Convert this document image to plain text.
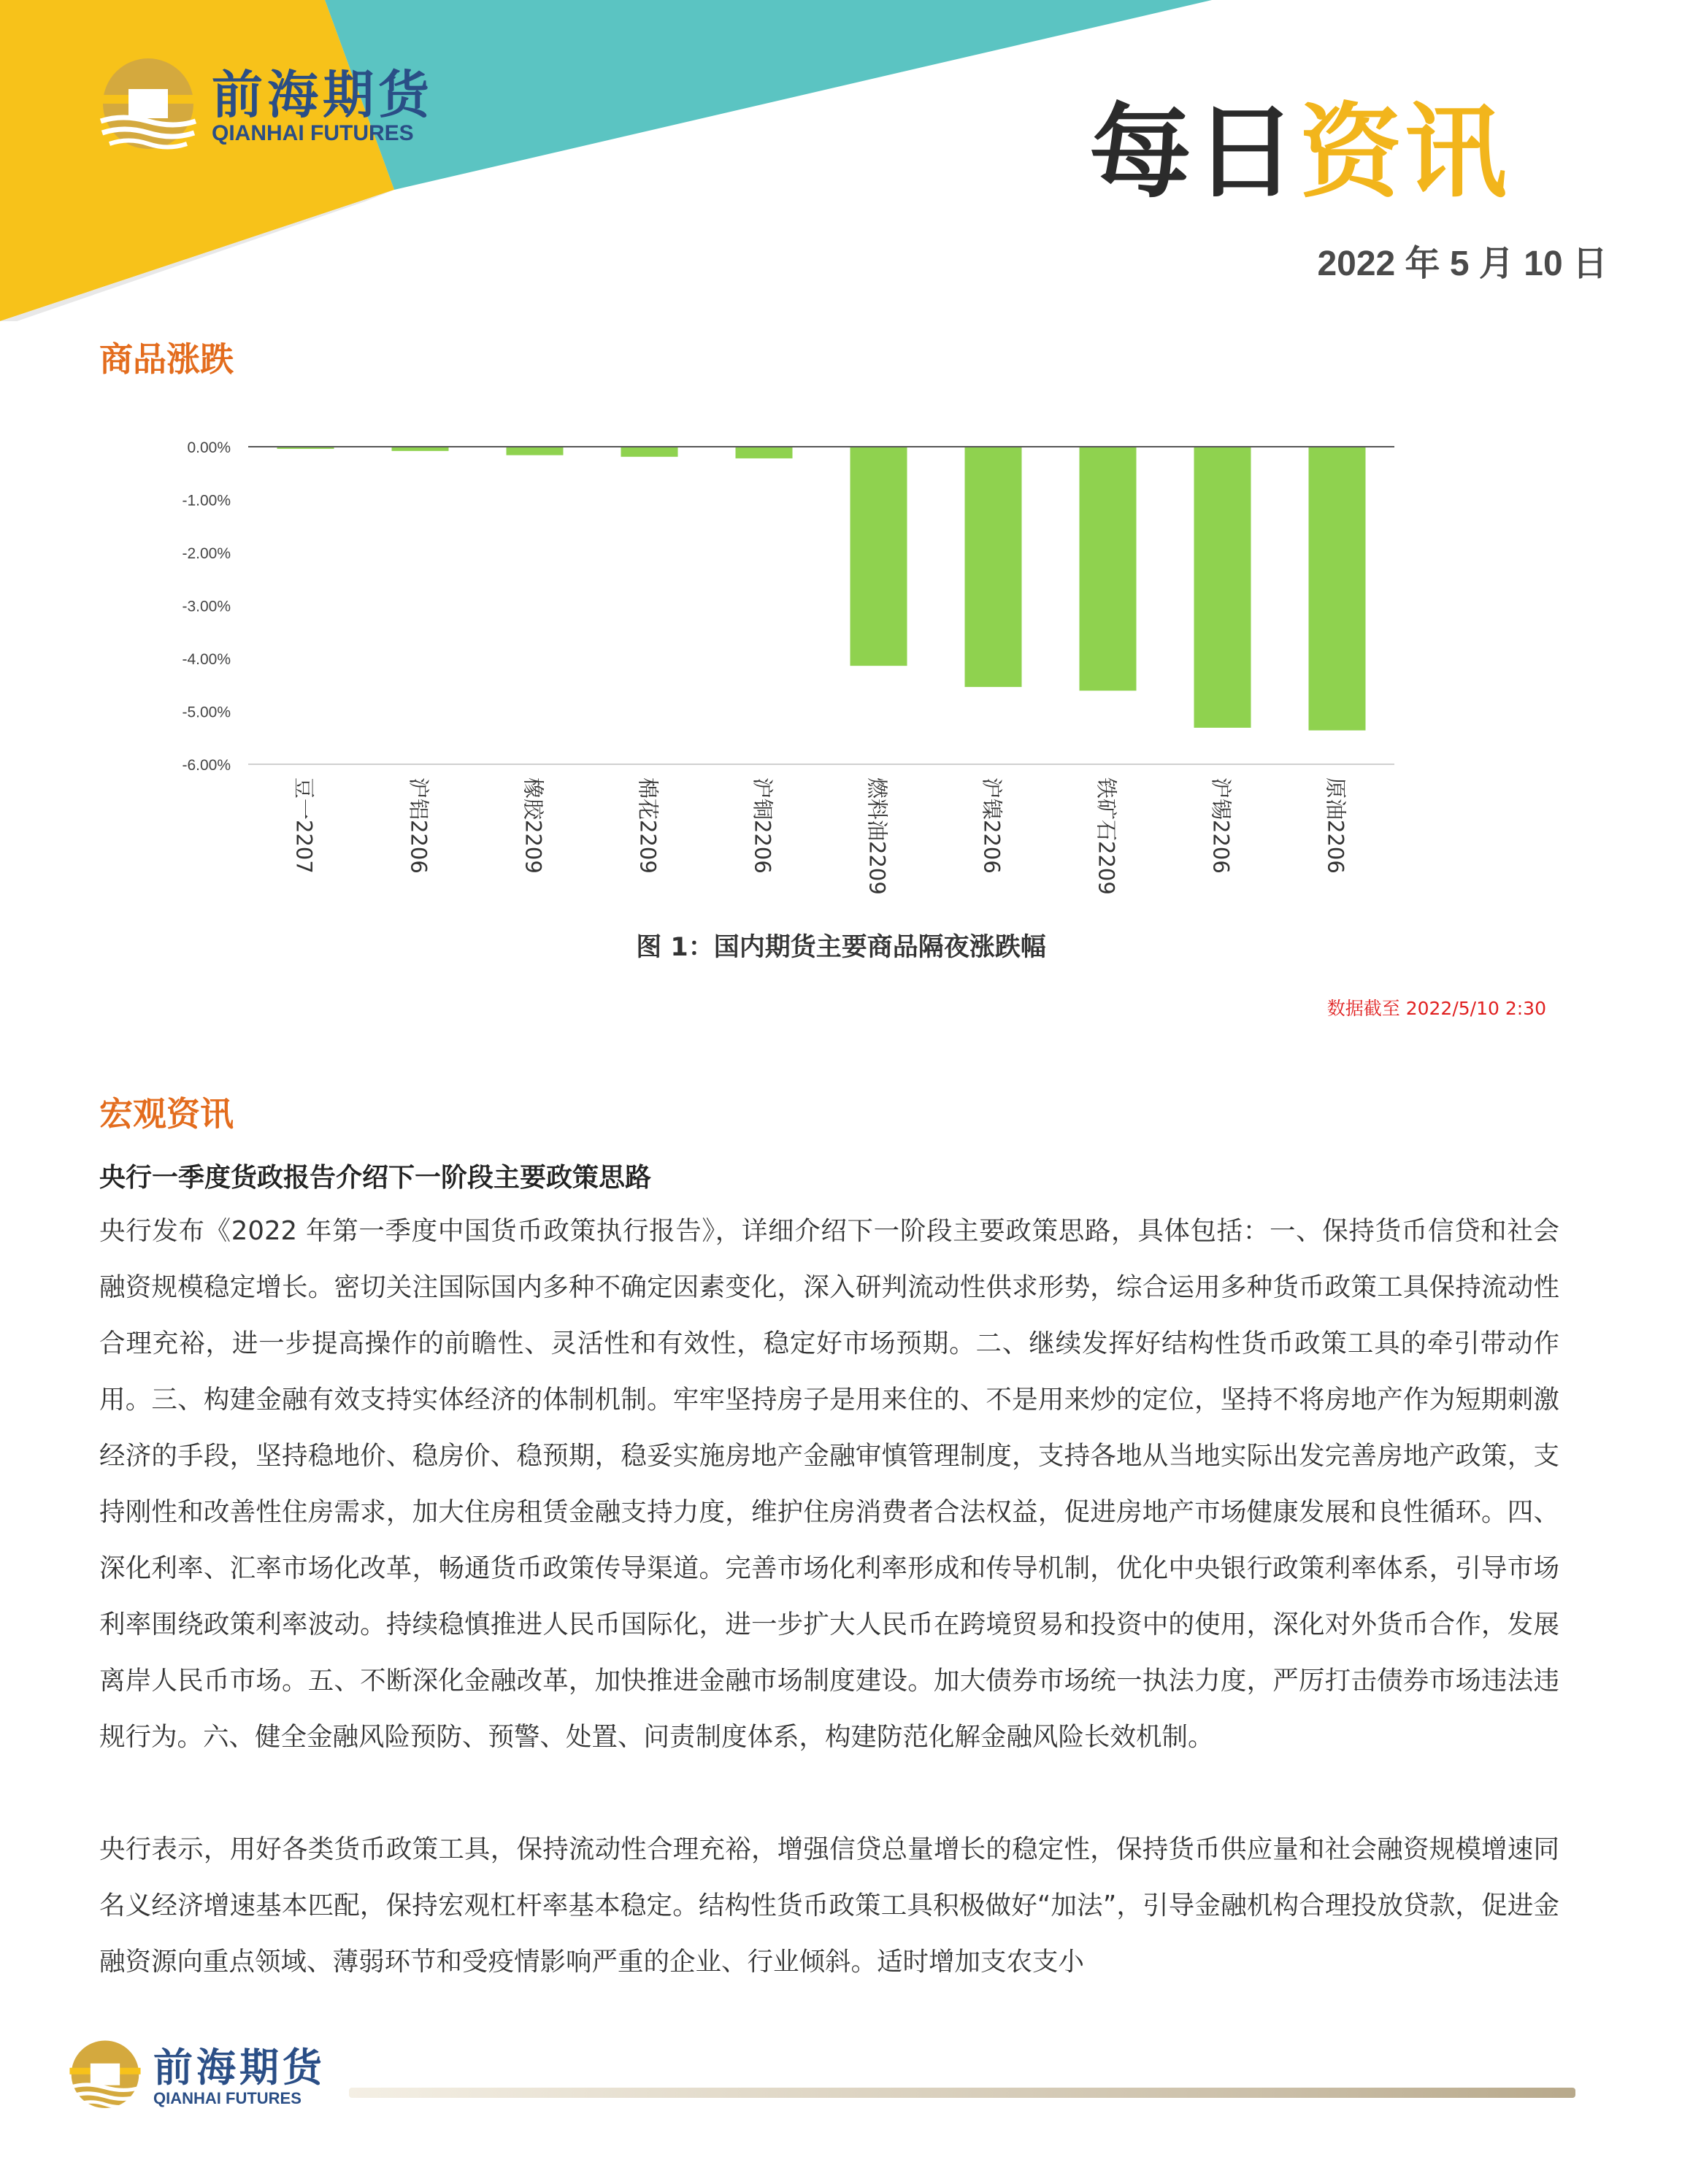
前海期货
QIANHAI FUTURES	每日资讯
2022 年 5 月 10 日
商品涨跌
0.00%
-1.00%
-2.00%
-3.00%
-4.00%
-5.00%
-6.00%
豆一2207	沪铝2206	橡胶2209	棉花2209	沪铜2206	燃料油2209	沪镍2206	铁矿石2209	沪锡2206	原油2206
图 1：国内期货主要商品隔夜涨跌幅
数据截至 2022/5/10 2:30
宏观资讯
央行一季度货政报告介绍下一阶段主要政策思路
央行发布《2022 年第一季度中国货币政策执行报告》，详细介绍下一阶段主要政策思路，具体包括：一、保持货币信贷和社会融资规模稳定增长。密切关注国际国内多种不确定因素变化，深入研判流动性供求形势，综合运用多种货币政策工具保持流动性合理充裕，进一步提高操作的前瞻性、灵活性和有效性，稳定好市场预期。二、继续发挥好结构性货币政策工具的牵引带动作用。三、构建金融有效支持实体经济的体制机制。牢牢坚持房子是用来住的、不是用来炒的定位，坚持不将房地产作为短期刺激经济的手段，坚持稳地价、稳房价、稳预期，稳妥实施房地产金融审慎管理制度，支持各地从当地实际出发完善房地产政策，支持刚性和改善性住房需求，加大住房租赁金融支持力度，维护住房消费者合法权益，促进房地产市场健康发展和良性循环。四、深化利率、汇率市场化改革，畅通货币政策传导渠道。完善市场化利率形成和传导机制，优化中央银行政策利率体系，引导市场利率围绕政策利率波动。持续稳慎推进人民币国际化，进一步扩大人民币在跨境贸易和投资中的使用，深化对外货币合作，发展离岸人民币市场。五、不断深化金融改革，加快推进金融市场制度建设。加大债券市场统一执法力度，严厉打击债券市场违法违规行为。六、健全金融风险预防、预警、处置、问责制度体系，构建防范化解金融风险长效机制。
央行表示，用好各类货币政策工具，保持流动性合理充裕，增强信贷总量增长的稳定性，保持货币供应量和社会融资规模增速同名义经济增速基本匹配，保持宏观杠杆率基本稳定。结构性货币政策工具积极做好“加法”，引导金融机构合理投放贷款，促进金融资源向重点领域、薄弱环节和受疫情影响严重的企业、行业倾斜。适时增加支农支小
前海期货
QIANHAI FUTURES
